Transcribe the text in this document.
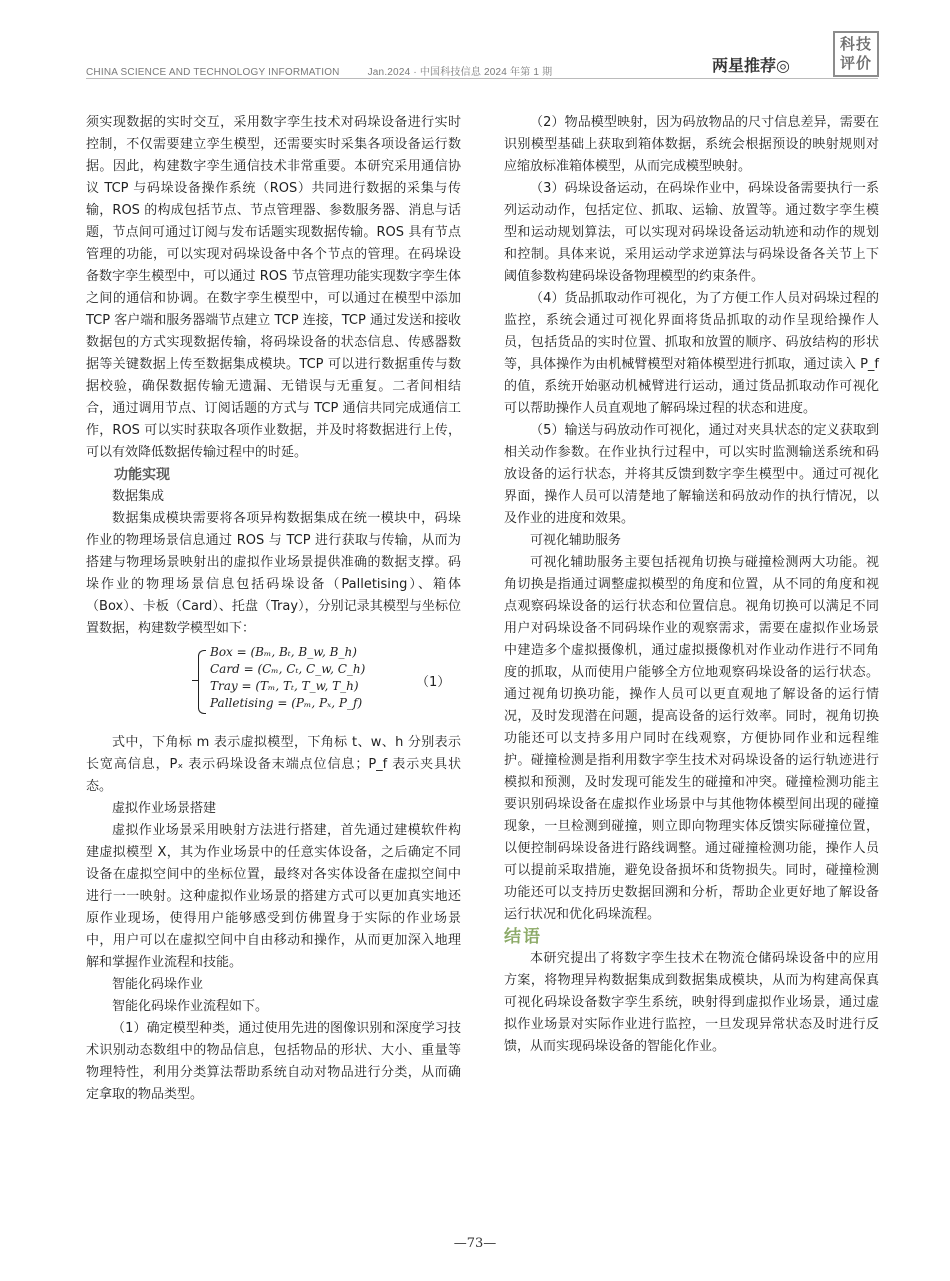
CHINA SCIENCE AND TECHNOLOGY INFORMATION	Jan.2024 · 中国科技信息 2024 年第 1 期	两星推荐◎
科技
评价

须实现数据的实时交互，采用数字孪生技术对码垛设备进行实时控制，不仅需要建立孪生模型，还需要实时采集各项设备运行数据。因此，构建数字孪生通信技术非常重要。本研究采用通信协议 TCP 与码垛设备操作系统（ROS）共同进行数据的采集与传输，ROS 的构成包括节点、节点管理器、参数服务器、消息与话题，节点间可通过订阅与发布话题实现数据传输。ROS 具有节点管理的功能，可以实现对码垛设备中各个节点的管理。在码垛设备数字孪生模型中，可以通过 ROS 节点管理功能实现数字孪生体之间的通信和协调。在数字孪生模型中，可以通过在模型中添加 TCP 客户端和服务器端节点建立 TCP 连接，TCP 通过发送和接收数据包的方式实现数据传输，将码垛设备的状态信息、传感器数据等关键数据上传至数据集成模块。TCP 可以进行数据重传与数据校验，确保数据传输无遗漏、无错误与无重复。二者间相结合，通过调用节点、订阅话题的方式与 TCP 通信共同完成通信工作，ROS 可以实时获取各项作业数据，并及时将数据进行上传，可以有效降低数据传输过程中的时延。

功能实现

数据集成

数据集成模块需要将各项异构数据集成在统一模块中，码垛作业的物理场景信息通过 ROS 与 TCP 进行获取与传输，从而为搭建与物理场景映射出的虚拟作业场景提供准确的数据支撑。码垛作业的物理场景信息包括码垛设备（Palletising）、箱体（Box）、卡板（Card）、托盘（Tray），分别记录其模型与坐标位置数据，构建数学模型如下：

Box = (Bₘ, Bₜ, B_w, B_h)
Card = (Cₘ, Cₜ, C_w, C_h)
Tray = (Tₘ, Tₜ, T_w, T_h)
Palletising = (Pₘ, Pₓ, P_f)
（1）

式中，下角标 m 表示虚拟模型，下角标 t、w、h 分别表示长宽高信息，Pₓ 表示码垛设备末端点位信息；P_f 表示夹具状态。

虚拟作业场景搭建

虚拟作业场景采用映射方法进行搭建，首先通过建模软件构建虚拟模型 X，其为作业场景中的任意实体设备，之后确定不同设备在虚拟空间中的坐标位置，最终对各实体设备在虚拟空间中进行一一映射。这种虚拟作业场景的搭建方式可以更加真实地还原作业现场，使得用户能够感受到仿佛置身于实际的作业场景中，用户可以在虚拟空间中自由移动和操作，从而更加深入地理解和掌握作业流程和技能。

智能化码垛作业

智能化码垛作业流程如下。

（1）确定模型种类，通过使用先进的图像识别和深度学习技术识别动态数组中的物品信息，包括物品的形状、大小、重量等物理特性，利用分类算法帮助系统自动对物品进行分类，从而确定拿取的物品类型。

（2）物品模型映射，因为码放物品的尺寸信息差异，需要在识别模型基础上获取到箱体数据，系统会根据预设的映射规则对应缩放标准箱体模型，从而完成模型映射。

（3）码垛设备运动，在码垛作业中，码垛设备需要执行一系列运动动作，包括定位、抓取、运输、放置等。通过数字孪生模型和运动规划算法，可以实现对码垛设备运动轨迹和动作的规划和控制。具体来说，采用运动学求逆算法与码垛设备各关节上下阈值参数构建码垛设备物理模型的约束条件。

（4）货品抓取动作可视化，为了方便工作人员对码垛过程的监控，系统会通过可视化界面将货品抓取的动作呈现给操作人员，包括货品的实时位置、抓取和放置的顺序、码放结构的形状等，具体操作为由机械臂模型对箱体模型进行抓取，通过读入 P_f 的值，系统开始驱动机械臂进行运动，通过货品抓取动作可视化可以帮助操作人员直观地了解码垛过程的状态和进度。

（5）输送与码放动作可视化，通过对夹具状态的定义获取到相关动作参数。在作业执行过程中，可以实时监测输送系统和码放设备的运行状态，并将其反馈到数字孪生模型中。通过可视化界面，操作人员可以清楚地了解输送和码放动作的执行情况，以及作业的进度和效果。

可视化辅助服务

可视化辅助服务主要包括视角切换与碰撞检测两大功能。视角切换是指通过调整虚拟模型的角度和位置，从不同的角度和视点观察码垛设备的运行状态和位置信息。视角切换可以满足不同用户对码垛设备不同码垛作业的观察需求，需要在虚拟作业场景中建造多个虚拟摄像机，通过虚拟摄像机对作业动作进行不同角度的抓取，从而使用户能够全方位地观察码垛设备的运行状态。通过视角切换功能，操作人员可以更直观地了解设备的运行情况，及时发现潜在问题，提高设备的运行效率。同时，视角切换功能还可以支持多用户同时在线观察，方便协同作业和远程维护。碰撞检测是指利用数字孪生技术对码垛设备的运行轨迹进行模拟和预测，及时发现可能发生的碰撞和冲突。碰撞检测功能主要识别码垛设备在虚拟作业场景中与其他物体模型间出现的碰撞现象，一旦检测到碰撞，则立即向物理实体反馈实际碰撞位置，以便控制码垛设备进行路线调整。通过碰撞检测功能，操作人员可以提前采取措施，避免设备损坏和货物损失。同时，碰撞检测功能还可以支持历史数据回溯和分析，帮助企业更好地了解设备运行状况和优化码垛流程。

结语

本研究提出了将数字孪生技术在物流仓储码垛设备中的应用方案，将物理异构数据集成到数据集成模块，从而为构建高保真可视化码垛设备数字孪生系统，映射得到虚拟作业场景，通过虚拟作业场景对实际作业进行监控，一旦发现异常状态及时进行反馈，从而实现码垛设备的智能化作业。

—73—
